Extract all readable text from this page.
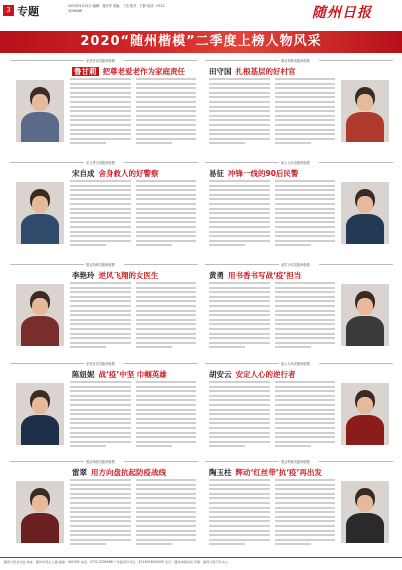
3 专题	2020年9月25日 编辑：聂永华 美编：丁洁 校对：王静 电话：0722-3256086	随州日报
2020“随州楷模”二季度上榜人物风采
孝老爱亲类随州楷模
鲁甘莉 把尊老爱老作为家庭责任
敬业奉献类随州楷模
田守国 扎根基层的好村官
见义勇为类随州楷模
宋自成 舍身救人的好警察
助人为乐类随州楷模
易征 冲锋一线的90后民警
敬业奉献类随州楷模
李艳玲 逆风飞翔的女医生
诚实守信类随州楷模
黄勇 用书香书写战‘疫’担当
孝老爱亲类随州楷模
陈妞妮 战‘疫’中坚 巾帼英雄
助人为乐类随州楷模
胡安云 安定人心的逆行者
敬业奉献类随州楷模
雷翠 用方向盘抗起防疫战线
敬业奉献类随州楷模
陶玉柱 辉动‘红丝带’抗‘疫’再出发
随州日报社出品 地址：随州市烈山大道 邮编：441300 电话：0722-3256086 广告经营许可证：4213004000005 发行：随州市邮政局 印刷：随州日报印务中心
